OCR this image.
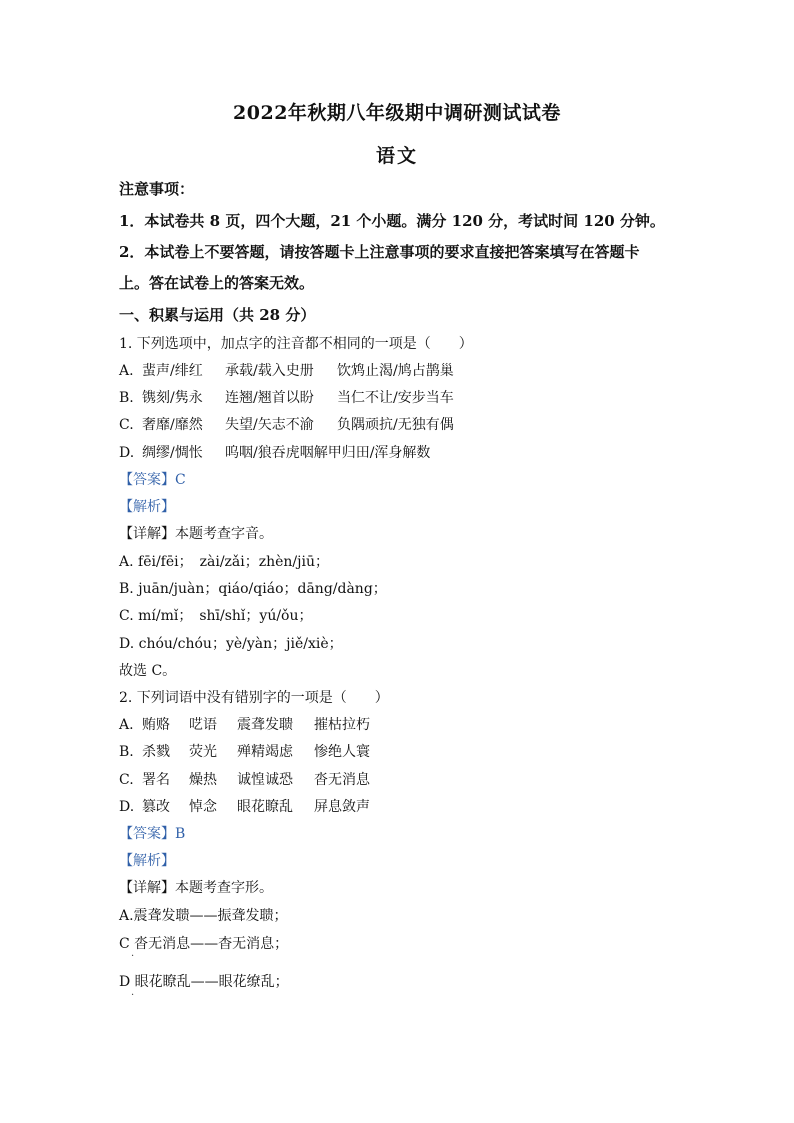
2022年秋期八年级期中调研测试试卷
语文
注意事项：
1．本试卷共 8 页，四个大题，21 个小题。满分 120 分，考试时间 120 分钟。
2．本试卷上不要答题，请按答题卡上注意事项的要求直接把答案填写在答题卡
上。答在试卷上的答案无效。
一、积累与运用（共 28 分）
1. 下列选项中，加点字的注音都不相同的一项是（　　）
A. 蜚声/绯红 承载/载入史册 饮鸩止渴/鸠占鹊巢
B. 镌刻/隽永 连翘/翘首以盼 当仁不让/安步当车
C. 奢靡/靡然 失望/矢志不渝 负隅顽抗/无独有偶
D. 绸缪/惆怅 呜咽/狼吞虎咽解甲归田/浑身解数
【答案】C
【解析】
【详解】本题考查字音。
A. fēi/fēi；　zài/zǎi；zhèn/jiū；
B. juān/juàn；qiáo/qiáo；dāng/dàng；
C. mí/mǐ；　shī/shǐ；yú/ǒu；
D. chóu/chóu；yè/yàn；jiě/xiè；
故选 C。
2. 下列词语中没有错别字的一项是（　　）
A. 贿赂 呓语 震聋发聩 摧枯拉朽
B. 杀戮 荧光 殚精竭虑 惨绝人寰
C. 署名 燥热 诚惶诚恐 沓无消息
D. 篡改 悼念 眼花瞭乱 屏息敛声
【答案】B
【解析】
【详解】本题考查字形。
A.震聋发聩——振聋发聩；
C 沓无消息——杳无消息；
·
D 眼花瞭乱——眼花缭乱；
·
